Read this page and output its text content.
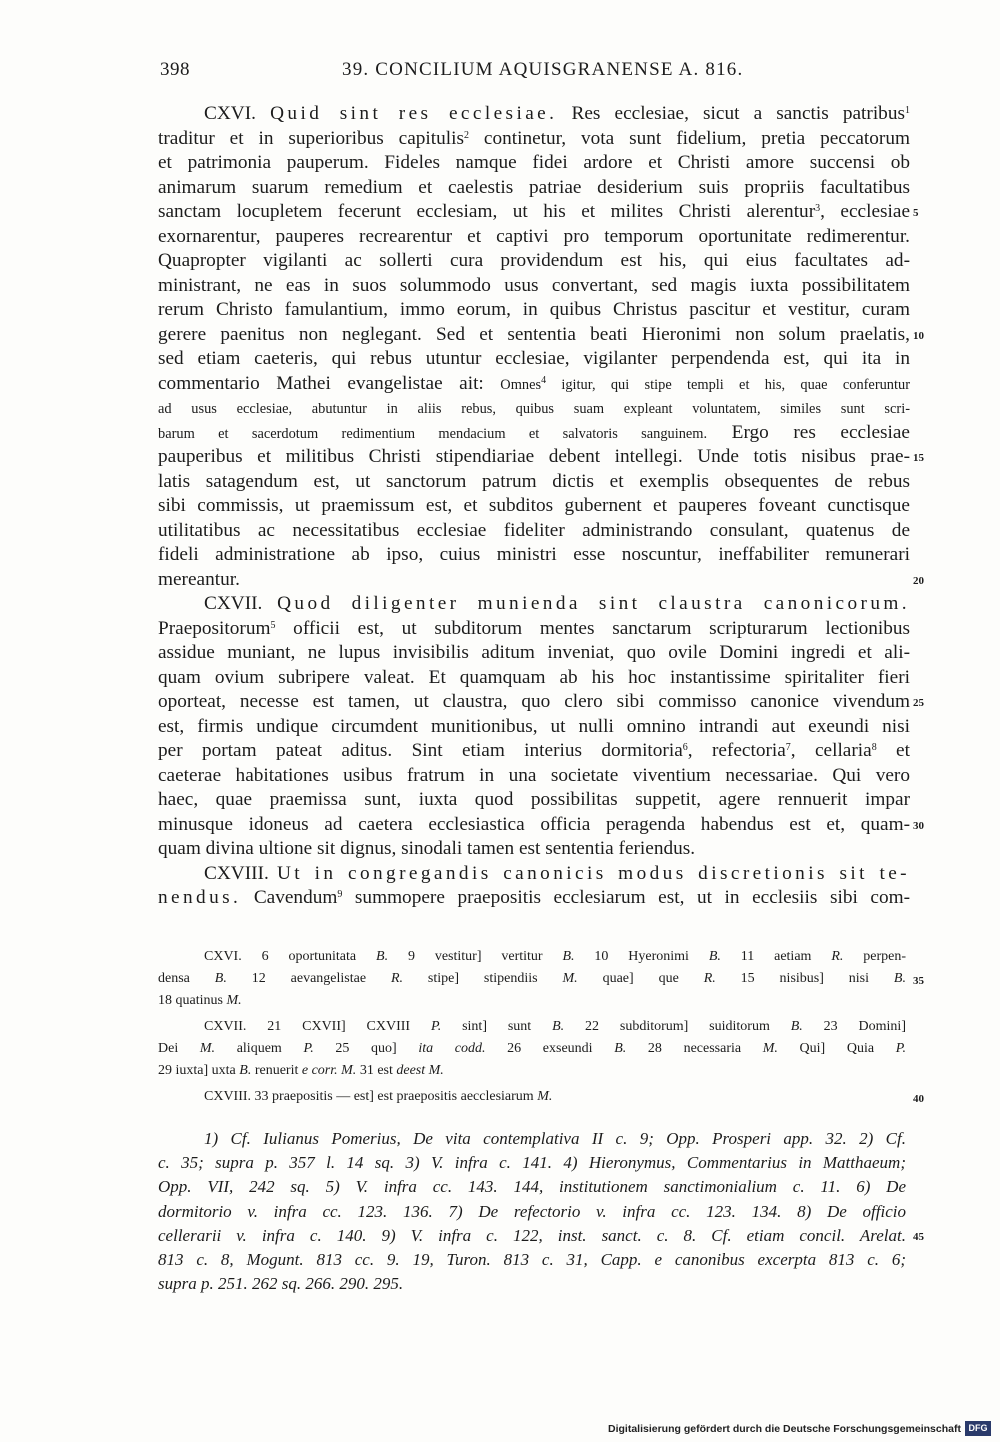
398	39. CONCILIUM AQUISGRANENSE A. 816.
CXVI. Quid sint res ecclesiae. Res ecclesiae, sicut a sanctis patribus$^1$
traditur et in superioribus capitulis$^2$ continetur, vota sunt fidelium, pretia peccatorum
et patrimonia pauperum. Fideles namque fidei ardore et Christi amore succensi ob
animarum suarum remedium et caelestis patriae desiderium suis propriis facultatibus
sanctam locupletem fecerunt ecclesiam, ut his et milites Christi alerentur$^3$, ecclesiae
exornarentur, pauperes recrearentur et captivi pro temporum oportunitate redimerentur.
Quapropter vigilanti ac sollerti cura providendum est his, qui eius facultates ad-
ministrant, ne eas in suos solummodo usus convertant, sed magis iuxta possibilitatem
rerum Christo famulantium, immo eorum, in quibus Christus pascitur et vestitur, curam
gerere paenitus non neglegant. Sed et sententia beati Hieronimi non solum praelatis,
sed etiam caeteris, qui rebus utuntur ecclesiae, vigilanter perpendenda est, qui ita in
commentario Mathei evangelistae ait: Omnes$^4$ igitur, qui stipe templi et his, quae conferuntur
ad usus ecclesiae, abutuntur in aliis rebus, quibus suam expleant voluntatem, similes sunt scri-
barum et sacerdotum redimentium mendacium et salvatoris sanguinem. Ergo res ecclesiae
pauperibus et militibus Christi stipendiariae debent intellegi. Unde totis nisibus prae-
latis satagendum est, ut sanctorum patrum dictis et exemplis obsequentes de rebus
sibi commissis, ut praemissum est, et subditos gubernent et pauperes foveant cunctisque
utilitatibus ac necessitatibus ecclesiae fideliter administrando consulant, quatenus de
fideli administratione ab ipso, cuius ministri esse noscuntur, ineffabiliter remunerari
mereantur.
CXVII. Quod diligenter munienda sint claustra canonicorum.
Praepositorum$^5$ officii est, ut subditorum mentes sanctarum scripturarum lectionibus
assidue muniant, ne lupus invisibilis aditum inveniat, quo ovile Domini ingredi et ali-
quam ovium subripere valeat. Et quamquam ab his hoc instantissime spiritaliter fieri
oporteat, necesse est tamen, ut claustra, quo clero sibi commisso canonice vivendum
est, firmis undique circumdent munitionibus, ut nulli omnino intrandi aut exeundi nisi
per portam pateat aditus. Sint etiam interius dormitoria$^6$, refectoria$^7$, cellaria$^8$ et
caeterae habitationes usibus fratrum in una societate viventium necessariae. Qui vero
haec, quae praemissa sunt, iuxta quod possibilitas suppetit, agere rennuerit impar
minusque idoneus ad caetera ecclesiastica officia peragenda habendus est et, quam-
quam divina ultione sit dignus, sinodali tamen est sententia feriendus.
CXVIII. Ut in congregandis canonicis modus discretionis sit te-
nendus. Cavendum$^9$ summopere praepositis ecclesiarum est, ut in ecclesiis sibi com-
CXVI. 6 oportunitata B. 9 vestitur] vertitur B. 10 Hyeronimi B. 11 aetiam R. perpen-
densa B. 12 aevangelistae R. stipe] stipendiis M. quae] que R. 15 nisibus] nisi B.
18 quatinus M.
CXVII. 21 CXVII] CXVIII P. sint] sunt B. 22 subditorum] suiditorum B. 23 Domini]
Dei M. aliquem P. 25 quo] ita codd. 26 exseundi B. 28 necessaria M. Qui] Quia P.
29 iuxta] uxta B. renuerit e corr. M. 31 est deest M.
CXVIII. 33 praepositis — est] est praepositis aecclesiarum M.
1) Cf. Iulianus Pomerius, De vita contemplativa II c. 9; Opp. Prosperi app. 32. 2) Cf.
c. 35; supra p. 357 l. 14 sq. 3) V. infra c. 141. 4) Hieronymus, Commentarius in Matthaeum;
Opp. VII, 242 sq. 5) V. infra cc. 143. 144, institutionem sanctimonialium c. 11. 6) De
dormitorio v. infra cc. 123. 136. 7) De refectorio v. infra cc. 123. 134. 8) De officio
cellerarii v. infra c. 140. 9) V. infra c. 122, inst. sanct. c. 8. Cf. etiam concil. Arelat.
813 c. 8, Mogunt. 813 cc. 9. 19, Turon. 813 c. 31, Capp. e canonibus excerpta 813 c. 6;
supra p. 251. 262 sq. 266. 290. 295.
Digitalisierung gefördert durch die Deutsche Forschungsgemeinschaft DFG
5
10
15
20
25
30
35
40
45
